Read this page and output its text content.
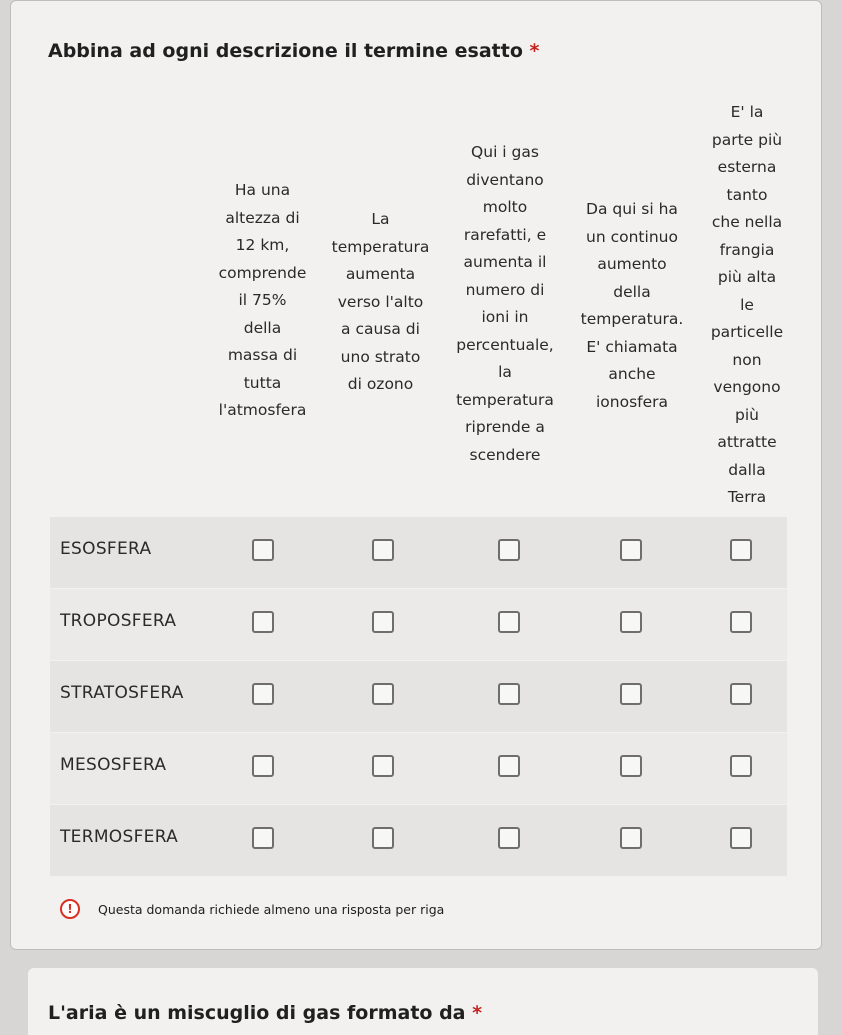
Abbina ad ogni descrizione il termine esatto *
Ha una
altezza di
12 km,
comprende
il 75%
della
massa di
tutta
l'atmosfera
La
temperatura
aumenta
verso l'alto
a causa di
uno strato
di ozono
Qui i gas
diventano
molto
rarefatti, e
aumenta il
numero di
ioni in
percentuale,
la
temperatura
riprende a
scendere
Da qui si ha
un continuo
aumento
della
temperatura.
E' chiamata
anche
ionosfera
E' la
parte più
esterna
tanto
che nella
frangia
più alta
le
particelle
non
vengono
più
attratte
dalla
Terra
ESOSFERA
TROPOSFERA
STRATOSFERA
MESOSFERA
TERMOSFERA
!	Questa domanda richiede almeno una risposta per riga
L'aria è un miscuglio di gas formato da *
